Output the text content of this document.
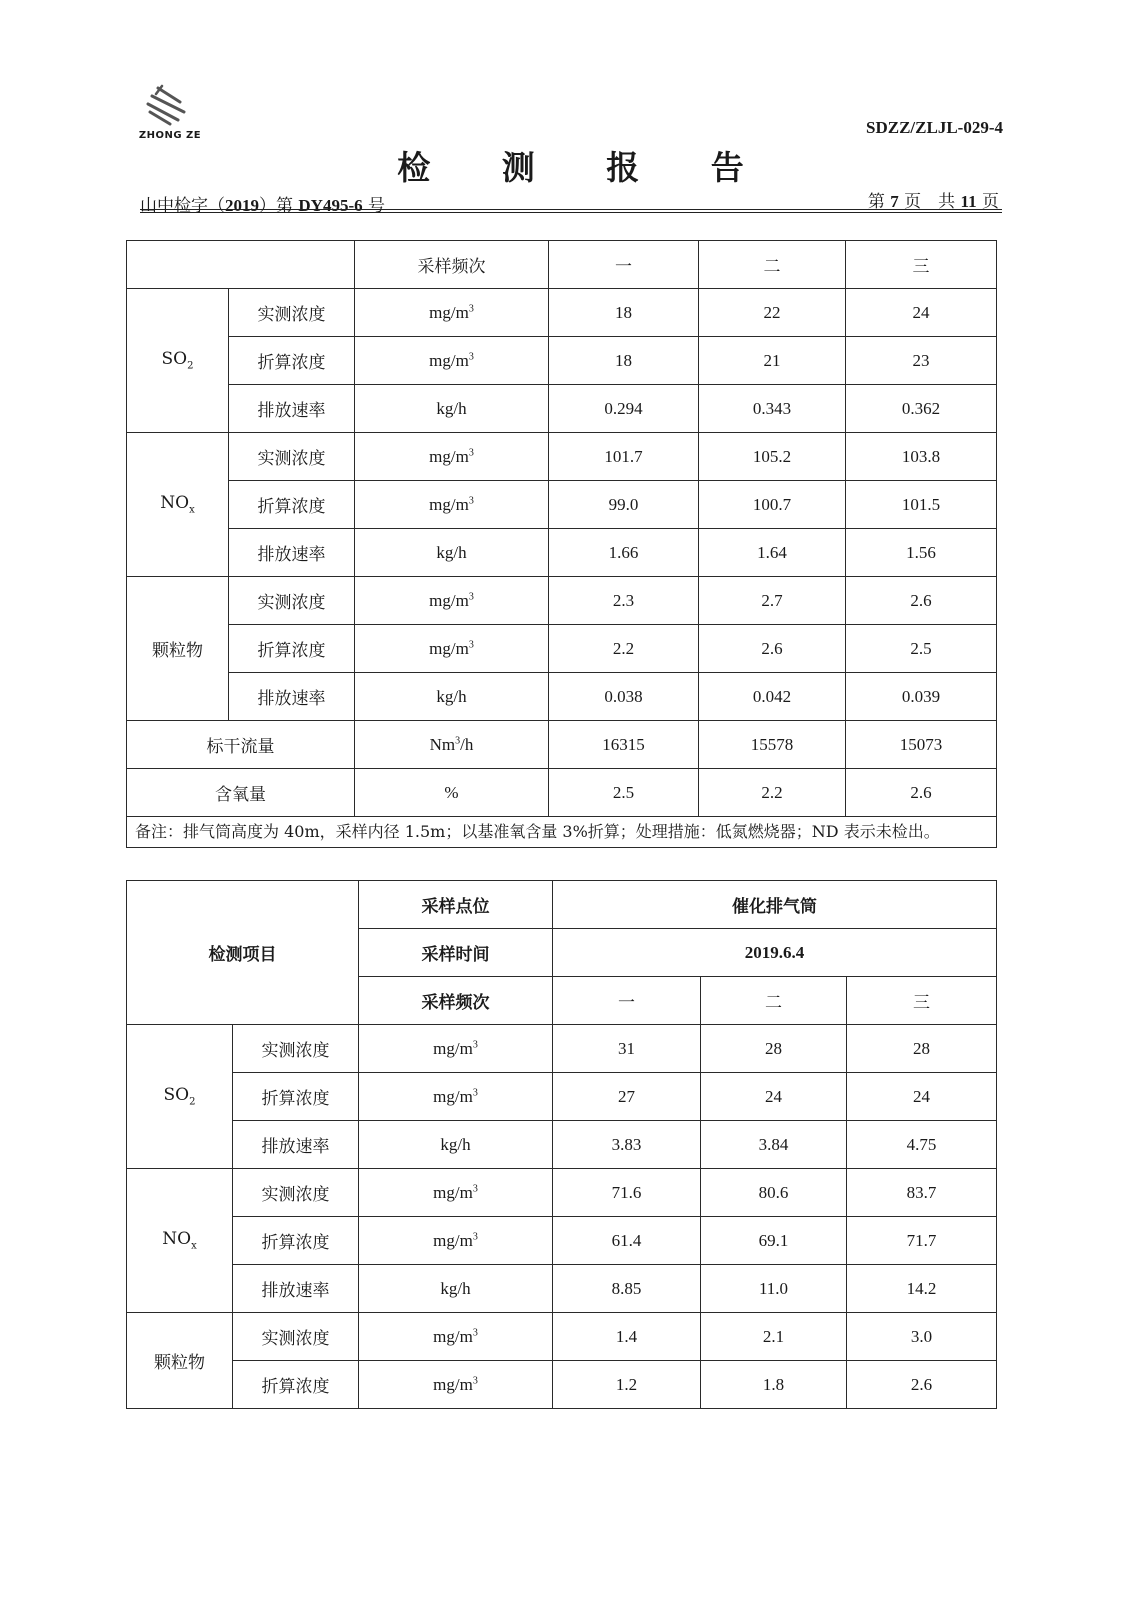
ZHONG ZE	SDZZ/ZLJL-029-4
检 测 报 告
山中检字（2019）第 DY495-6 号	第 7 页　共 11 页
		采样频次	一	二	三
$SO_2$	实测浓度	$mg/m^3$	18	22	24
	折算浓度	$mg/m^3$	18	21	23
	排放速率	kg/h	0.294	0.343	0.362
$NO_x$	实测浓度	$mg/m^3$	101.7	105.2	103.8
	折算浓度	$mg/m^3$	99.0	100.7	101.5
	排放速率	kg/h	1.66	1.64	1.56
颗粒物	实测浓度	$mg/m^3$	2.3	2.7	2.6
	折算浓度	$mg/m^3$	2.2	2.6	2.5
	排放速率	kg/h	0.038	0.042	0.039
标干流量		Nm$^3$/h	16315	15578	15073
含氧量		%	2.5	2.2	2.6
备注：排气筒高度为 40m，采样内径 1.5m；以基准氧含量 3%折算；处理措施：低氮燃烧器；ND 表示未检出。					
检测项目		采样点位	催化排气筒		
		采样时间	2019.6.4		
		采样频次	一	二	三
$SO_2$	实测浓度	$mg/m^3$	31	28	28
	折算浓度	$mg/m^3$	27	24	24
	排放速率	kg/h	3.83	3.84	4.75
$NO_x$	实测浓度	$mg/m^3$	71.6	80.6	83.7
	折算浓度	$mg/m^3$	61.4	69.1	71.7
	排放速率	kg/h	8.85	11.0	14.2
颗粒物	实测浓度	$mg/m^3$	1.4	2.1	3.0
	折算浓度	$mg/m^3$	1.2	1.8	2.6
